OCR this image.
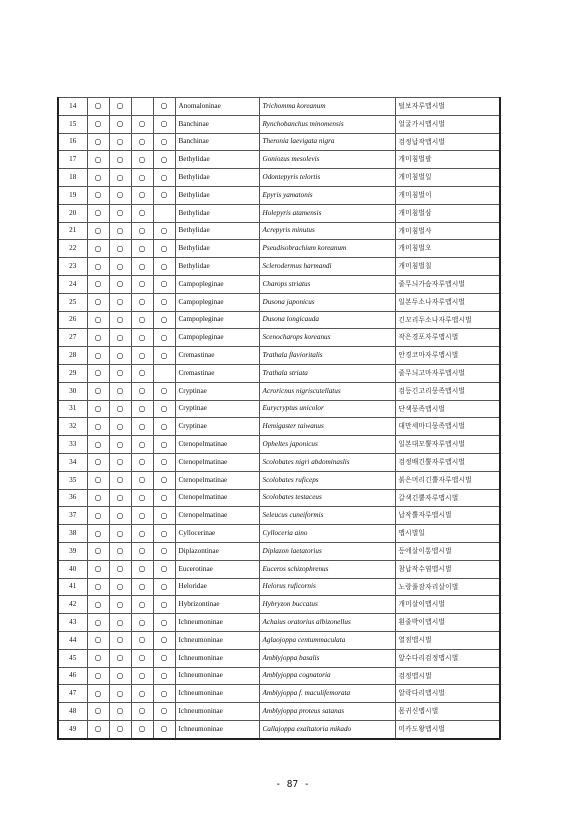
14	○	○		○	Anomaloninae	Trichomma koreanum	털보자루맵시벌
15	○	○	○	○	Banchinae	Rynchobanchus minomensis	얼굴가시맵시벌
16	○	○	○	○	Banchinae	Theronia laevigata nigra	검정납작맵시벌
17	○	○	○	○	Bethylidae	Goniozus mesolevis	개미침벌팔
18	○	○	○	○	Bethylidae	Odontepyris telortis	개미침벌일
19	○	○	○	○	Bethylidae	Epyris yamatonis	개미침벌이
20	○	○	○		Bethylidae	Holepyris atamensis	개미침벌삼
21	○	○	○	○	Bethylidae	Acrepyris minutus	개미침벌사
22	○	○	○	○	Bethylidae	Pseudisobrachium koreanum	개미침벌오
23	○	○	○	○	Bethylidae	Sclerodermus harmandi	개미침벌칠
24	○	○	○	○	Campopleginae	Charops striatus	줄무늬가슴자루맵시벌
25	○	○	○	○	Campopleginae	Dusona japonicus	일본두소나자루맵시벌
26	○	○	○	○	Campopleginae	Dusona longicauda	긴꼬리두소나자루맵시벌
27	○	○	○	○	Campopleginae	Scenocharops koreanus	작은경포자루맵시벌
28	○	○	○	○	Cremastinae	Trathala flavioritalis	안경코마자루맵시벌
29	○	○	○		Cremastinae	Trathala striata	줄무늬고마자루맵시벌
30	○	○	○	○	Cryptinae	Acroricnus nigriscutellatus	검등긴고리뭉족맵시벌
31	○	○	○	○	Cryptinae	Eurycryptus unicolor	단색뭉족맵시벌
32	○	○	○	○	Cryptinae	Hemigaster taiwanus	대만세마디뭉족맵시벌
33	○	○	○	○	Ctenopelmatinae	Opheltes japonicus	일본대모뿔자루맵시벌
34	○	○	○	○	Ctenopelmatinae	Scolobates nigri abdominaslis	검정배긴뿔자루맵시벌
35	○	○	○	○	Ctenopelmatinae	Scolobates ruficeps	붉은머리긴뿔자루맵시벌
36	○	○	○	○	Ctenopelmatinae	Scolobates testaceus	갈색긴뿔자루맵시벌
37	○	○	○	○	Ctenopelmatinae	Seleucus cuneiformis	납작뿔자루맵시벌
38	○	○	○	○	Cyllocerinae	Cylloceria aino	맵시벌일
39	○	○	○	○	Diplazontinae	Diplazon laetatorius	등에살이통맵시벌
40	○	○	○	○	Eucerotinae	Euceros schizophrenus	참납작수염맵시벌
41	○	○	○	○	Heloridae	Helorus ruficornis	노랑풀잠자리살이벌
42	○	○	○	○	Hybrizontinae	Hybryzon buccatus	개미살이맵시벌
43	○	○	○	○	Ichneumoninae	Achaius oratorius albizonellus	흰줄박이맵시벌
44	○	○	○	○	Ichneumoninae	Aglaojoppa centummaculata	열점맵시벌
45	○	○	○	○	Ichneumoninae	Amblyjoppa basalis	앞수다리검정맵시벌
46	○	○	○	○	Ichneumoninae	Amblyjoppa cognatoria	검정맵시벌
47	○	○	○	○	Ichneumoninae	Amblyjoppa f. maculifemorata	알락다리맵시벌
48	○	○	○	○	Ichneumoninae	Amblyjoppa proteus satanas	몸귀신맵시벌
49	○	○	○	○	Ichneumoninae	Callajoppa exaltatoria mikado	미카도왕맵시벌
- 87 -
